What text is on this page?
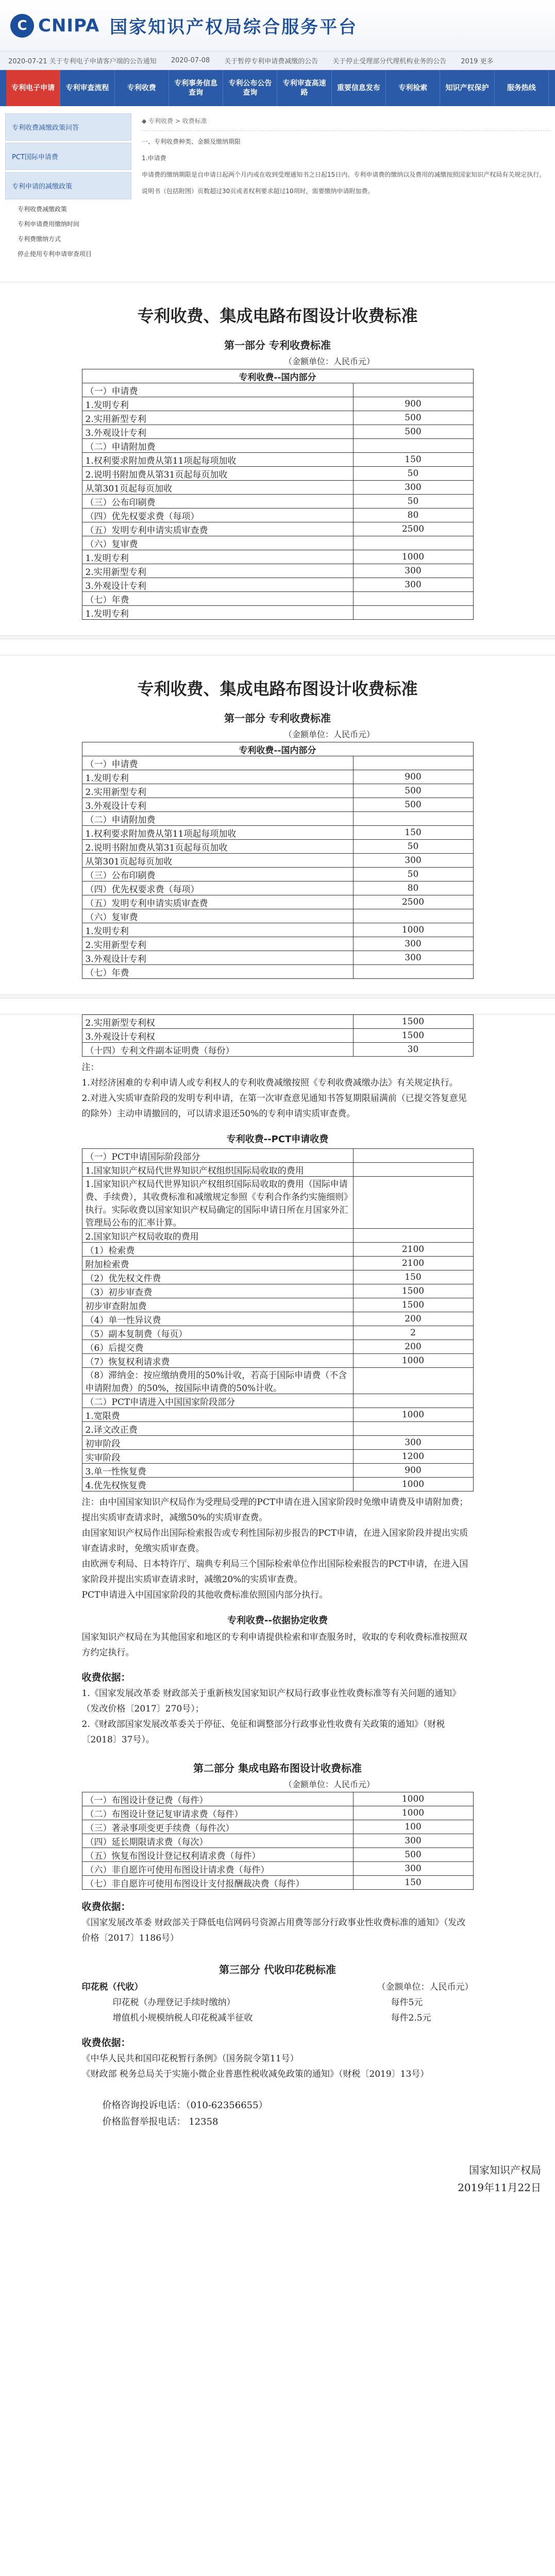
C CNIPA 国家知识产权局综合服务平台
2020-07-21 关于专利电子申请客户端的公告通知 2020-07-08 关于暂停专利申请费减缴的公告 关于停止受理部分代理机构业务的公告 2019 更多
专利电子申请	专利审查流程	专利收费
专利事务信息查询
专利公布公告查询
专利审查高速路
重要信息发布	专利检索	知识产权保护	服务热线
专利收费减缴政策问答
PCT国际申请费
专利申请的减缴政策
专利收费减缴政策
专利申请费用缴纳时间
专利费缴纳方式
停止使用专利申请审查项目
◆ 专利收费 > 收费标准

一、专利收费种类、金额及缴纳期限

1.申请费

申请费的缴纳期限是自申请日起两个月内或在收到受理通知书之日起15日内。专利申请费的缴纳以及费用的减缴按照国家知识产权局有关规定执行。

说明书（包括附图）页数超过30页或者权利要求超过10项时，需要缴纳申请附加费。

专利收费、集成电路布图设计收费标准
第一部分 专利收费标准
（金额单位：人民币元）
专利收费--国内部分	
（一）申请费	
1.发明专利	900
2.实用新型专利	500
3.外观设计专利	500
（二）申请附加费	
1.权利要求附加费从第11项起每项加收	150
2.说明书附加费从第31页起每页加收	50
从第301页起每页加收	300
（三）公布印刷费	50
（四）优先权要求费（每项）	80
（五）发明专利申请实质审查费	2500
（六）复审费	
1.发明专利	1000
2.实用新型专利	300
3.外观设计专利	300
（七）年费	
1.发明专利	
专利收费、集成电路布图设计收费标准
第一部分 专利收费标准
（金额单位：人民币元）
专利收费--国内部分	
（一）申请费	
1.发明专利	900
2.实用新型专利	500
3.外观设计专利	500
（二）申请附加费	
1.权利要求附加费从第11项起每项加收	150
2.说明书附加费从第31页起每页加收	50
从第301页起每页加收	300
（三）公布印刷费	50
（四）优先权要求费（每项）	80
（五）发明专利申请实质审查费	2500
（六）复审费	
1.发明专利	1000
2.实用新型专利	300
3.外观设计专利	300
（七）年费	
2.实用新型专利权	1500
3.外观设计专利权	1500
（十四）专利文件副本证明费（每份）	30

注：

1.对经济困难的专利申请人或专利权人的专利收费减缴按照《专利收费减缴办法》有关规定执行。

2.对进入实质审查阶段的发明专利申请，在第一次审查意见通知书答复期限届满前（已提交答复意见的除外）主动申请撤回的，可以请求退还50%的专利申请实质审查费。

专利收费--PCT申请收费
（一）PCT申请国际阶段部分	
1.国家知识产权局代世界知识产权组织国际局收取的费用	
1.国家知识产权局代世界知识产权组织国际局收取的费用（国际申请费、手续费），其收费标准和减缴规定参照《专利合作条约实施细则》执行。实际收费以国家知识产权局确定的国际申请日所在月国家外汇管理局公布的汇率计算。	
2.国家知识产权局收取的费用	
（1）检索费	2100
附加检索费	2100
（2）优先权文件费	150
（3）初步审查费	1500
初步审查附加费	1500
（4）单一性异议费	200
（5）副本复制费（每页）	2
（6）后提交费	200
（7）恢复权利请求费	1000
（8）滞纳金：按应缴纳费用的50%计收，若高于国际申请费（不含申请附加费）的50%，按国际申请费的50%计收。	
（二）PCT申请进入中国国家阶段部分	
1.宽限费	1000
2.译文改正费	
初审阶段	300
实审阶段	1200
3.单一性恢复费	900
4.优先权恢复费	1000

注：由中国国家知识产权局作为受理局受理的PCT申请在进入国家阶段时免缴申请费及申请附加费；提出实质审查请求时，减缴50%的实质审查费。

由国家知识产权局作出国际检索报告或专利性国际初步报告的PCT申请，在进入国家阶段并提出实质审查请求时，免缴实质审查费。

由欧洲专利局、日本特许厅、瑞典专利局三个国际检索单位作出国际检索报告的PCT申请，在进入国家阶段并提出实质审查请求时，减缴20%的实质审查费。

PCT申请进入中国国家阶段的其他收费标准依照国内部分执行。

专利收费--依据协定收费
国家知识产权局在为其他国家和地区的专利申请提供检索和审查服务时，收取的专利收费标准按照双方约定执行。
收费依据：

1.《国家发展改革委 财政部关于重新核发国家知识产权局行政事业性收费标准等有关问题的通知》（发改价格〔2017〕270号）；

2.《财政部国家发展改革委关于停征、免征和调整部分行政事业性收费有关政策的通知》（财税〔2018〕37号）。

第二部分 集成电路布图设计收费标准
（金额单位：人民币元）
（一）布图设计登记费（每件）	1000
（二）布图设计登记复审请求费（每件）	1000
（三）著录事项变更手续费（每件次）	100
（四）延长期限请求费（每次）	300
（五）恢复布图设计登记权利请求费（每件）	500
（六）非自愿许可使用布图设计请求费（每件）	300
（七）非自愿许可使用布图设计支付报酬裁决费（每件）	150
收费依据：
《国家发展改革委 财政部关于降低电信网码号资源占用费等部分行政事业性收费标准的通知》（发改价格〔2017〕1186号）
第三部分 代收印花税标准
印花税（代收）	（金额单位：人民币元）
印花税（办理登记手续时缴纳）	每件5元
增值机小规模纳税人印花税减半征收	每件2.5元
收费依据：

《中华人民共和国印花税暂行条例》（国务院令第11号）

《财政部 税务总局关于实施小微企业普惠性税收减免政策的通知》（财税〔2019〕13号）

价格咨询投诉电话：（010-62356655）
价格监督举报电话： 12358
国家知识产权局
2019年11月22日
